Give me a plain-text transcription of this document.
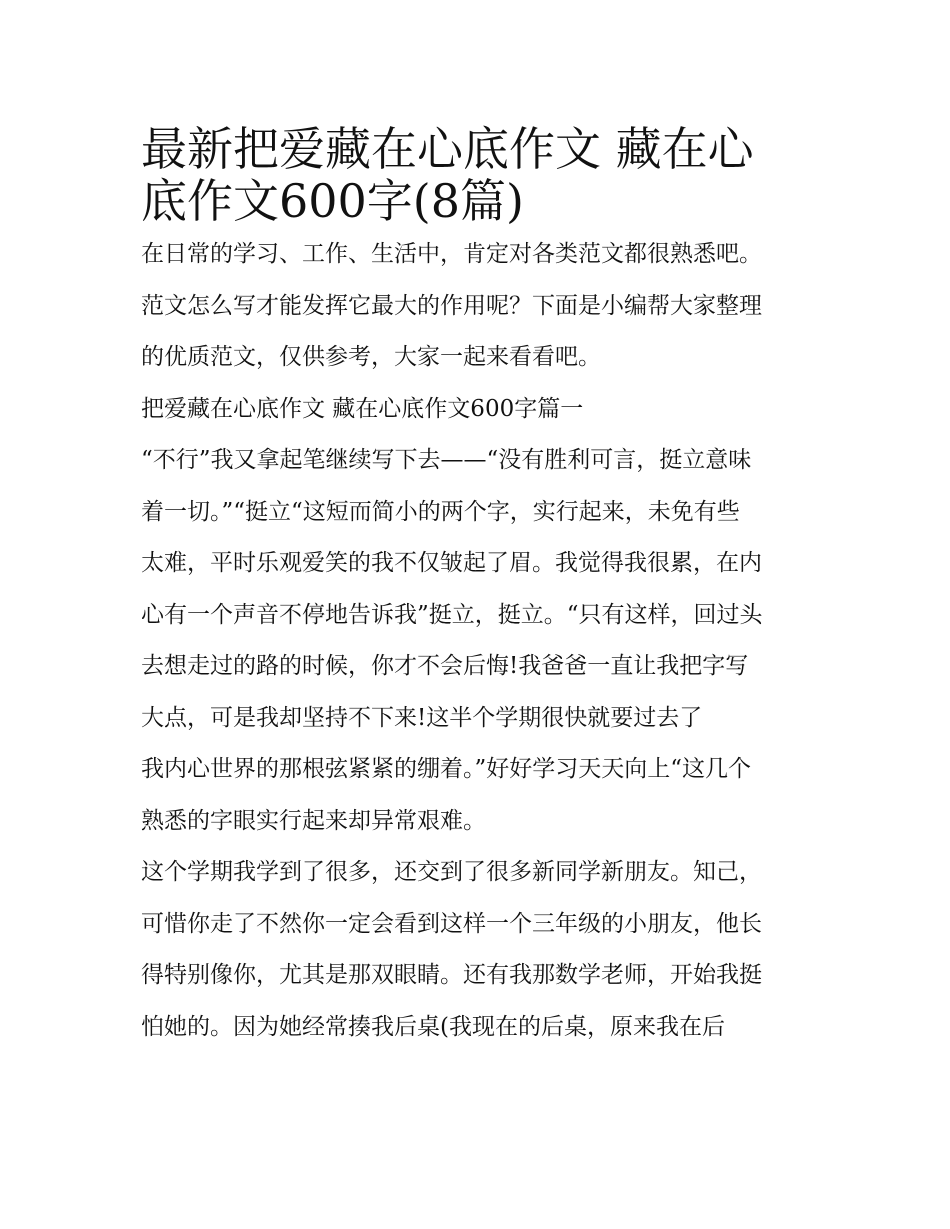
最新把爱藏在心底作文 藏在心
底作文600字(8篇)
在日常的学习、工作、生活中，肯定对各类范文都很熟悉吧。
范文怎么写才能发挥它最大的作用呢？下面是小编帮大家整理
的优质范文，仅供参考，大家一起来看看吧。
把爱藏在心底作文 藏在心底作文600字篇一
“不行”我又拿起笔继续写下去——“没有胜利可言，挺立意味
着一切。”“挺立“这短而简小的两个字，实行起来，未免有些
太难，平时乐观爱笑的我不仅皱起了眉。我觉得我很累，在内
心有一个声音不停地告诉我”挺立，挺立。“只有这样，回过头
去想走过的路的时候，你才不会后悔!我爸爸一直让我把字写
大点，可是我却坚持不下来!这半个学期很快就要过去了
我内心世界的那根弦紧紧的绷着。”好好学习天天向上“这几个
熟悉的字眼实行起来却异常艰难。
这个学期我学到了很多，还交到了很多新同学新朋友。知己，
可惜你走了不然你一定会看到这样一个三年级的小朋友，他长
得特别像你，尤其是那双眼睛。还有我那数学老师，开始我挺
怕她的。因为她经常揍我后桌(我现在的后桌，原来我在后
